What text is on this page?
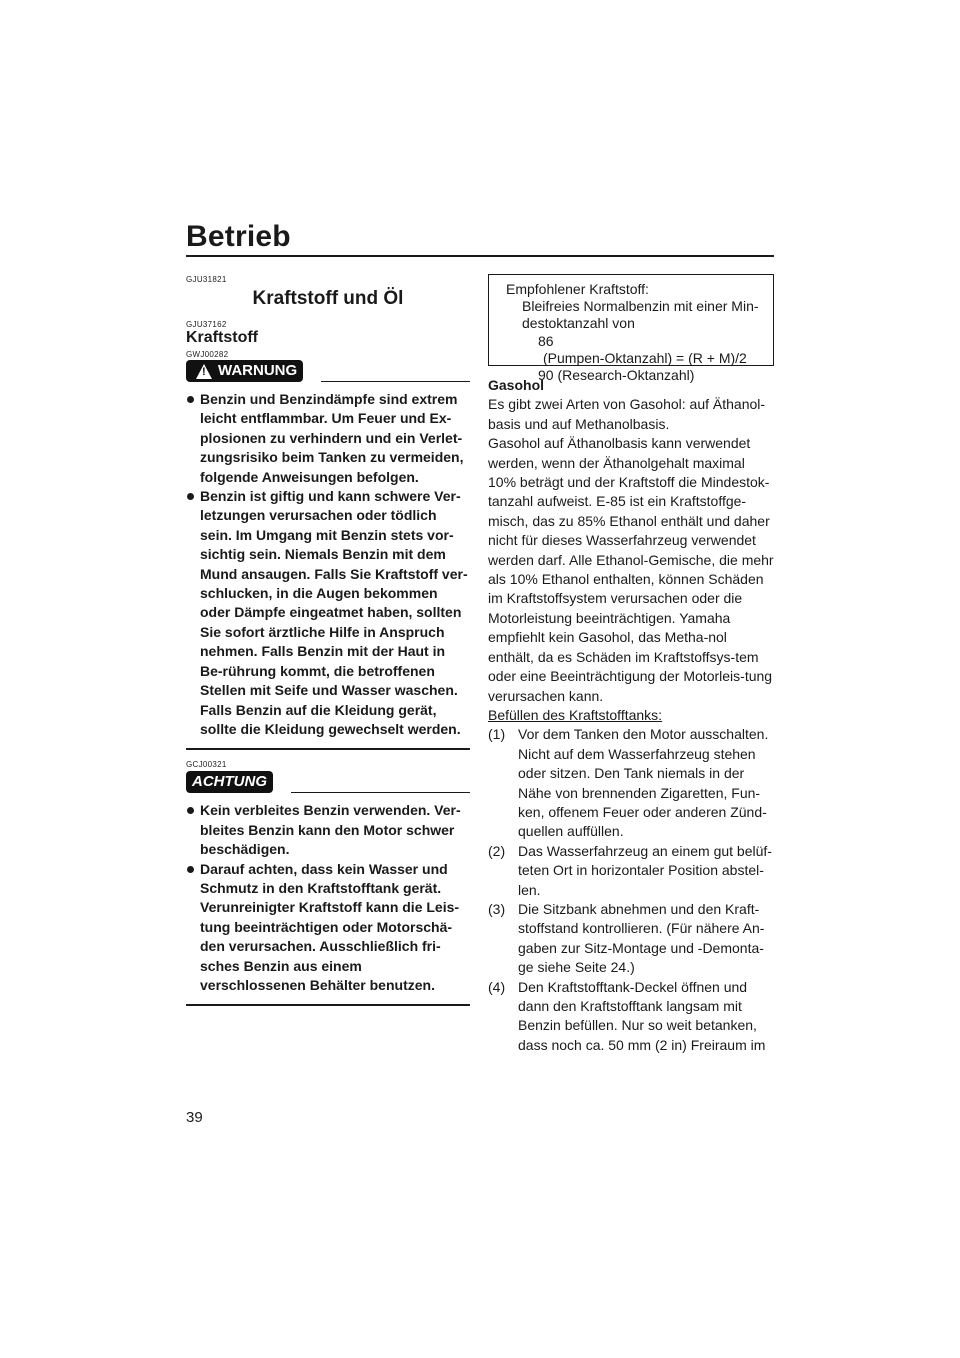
Betrieb
GJU31821
Kraftstoff und Öl
GJU37162
Kraftstoff
GWJ00282
! WARNUNG
Benzin und Benzindämpfe sind extrem leicht entflammbar. Um Feuer und Ex-plosionen zu verhindern und ein Verlet-zungsrisiko beim Tanken zu vermeiden, folgende Anweisungen befolgen.
Benzin ist giftig und kann schwere Ver-letzungen verursachen oder tödlich sein. Im Umgang mit Benzin stets vor-sichtig sein. Niemals Benzin mit dem Mund ansaugen. Falls Sie Kraftstoff ver-schlucken, in die Augen bekommen oder Dämpfe eingeatmet haben, sollten Sie sofort ärztliche Hilfe in Anspruch nehmen. Falls Benzin mit der Haut in Be-rührung kommt, die betroffenen Stellen mit Seife und Wasser waschen. Falls Benzin auf die Kleidung gerät, sollte die Kleidung gewechselt werden.
GCJ00321
ACHTUNG
Kein verbleites Benzin verwenden. Ver-bleites Benzin kann den Motor schwer beschädigen.
Darauf achten, dass kein Wasser und Schmutz in den Kraftstofftank gerät. Verunreinigter Kraftstoff kann die Leis-tung beeinträchtigen oder Motorschä-den verursachen. Ausschließlich fri-sches Benzin aus einem verschlossenen Behälter benutzen.
Empfohlener Kraftstoff:
Bleifreies Normalbenzin mit einer Min-
destoktanzahl von
86
(Pumpen-Oktanzahl) = (R + M)/2
90 (Research-Oktanzahl)

Gasohol

Es gibt zwei Arten von Gasohol: auf Äthanol-basis und auf Methanolbasis.

Gasohol auf Äthanolbasis kann verwendet werden, wenn der Äthanolgehalt maximal 10% beträgt und der Kraftstoff die Mindestok-tanzahl aufweist. E-85 ist ein Kraftstoffge-misch, das zu 85% Ethanol enthält und daher nicht für dieses Wasserfahrzeug verwendet werden darf. Alle Ethanol-Gemische, die mehr als 10% Ethanol enthalten, können Schäden im Kraftstoffsystem verursachen oder die Motorleistung beeinträchtigen. Yamaha empfiehlt kein Gasohol, das Metha-nol enthält, da es Schäden im Kraftstoffsys-tem oder eine Beeinträchtigung der Motorleis-tung verursachen kann.

Befüllen des Kraftstofftanks:

(1) Vor dem Tanken den Motor ausschalten. Nicht auf dem Wasserfahrzeug stehen oder sitzen. Den Tank niemals in der Nähe von brennenden Zigaretten, Fun-ken, offenem Feuer oder anderen Zünd-quellen auffüllen.
(2) Das Wasserfahrzeug an einem gut belüf-teten Ort in horizontaler Position abstel-len.
(3) Die Sitzbank abnehmen und den Kraft-stoffstand kontrollieren. (Für nähere An-gaben zur Sitz-Montage und -Demonta-ge siehe Seite 24.)
(4) Den Kraftstofftank-Deckel öffnen und dann den Kraftstofftank langsam mit Benzin befüllen. Nur so weit betanken, dass noch ca. 50 mm (2 in) Freiraum im
39
